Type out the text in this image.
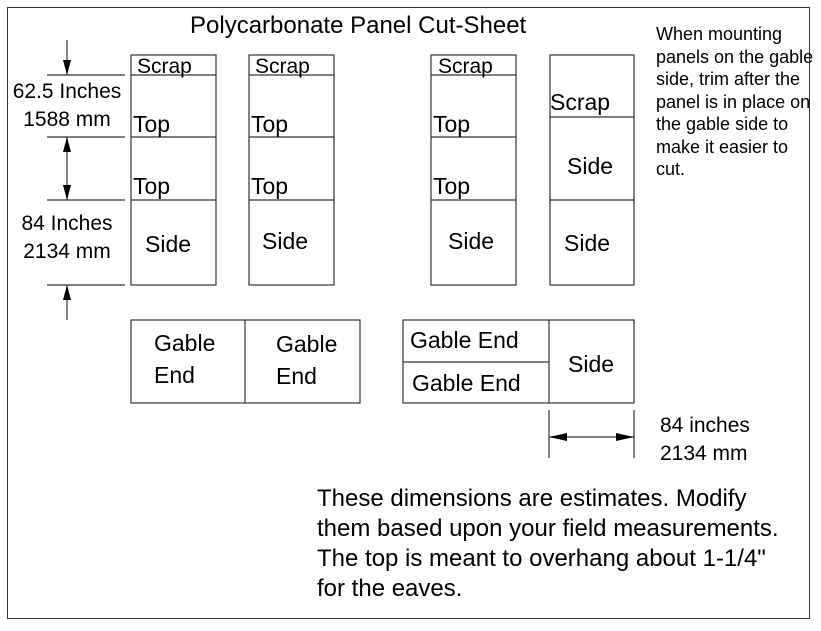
Polycarbonate Panel Cut-Sheet	When mounting panels on the gable side, trim after the panel is in place on the gable side to make it easier to cut.
62.5 Inches
1588 mm
84 Inches
2134 mm
Scrap
Top
Top
Side
Scrap
Top
Top
Side
Scrap
Top
Top
Side
Scrap
Side
Side
Gable
End
Gable
End
Gable End
Gable End
Side
84 inches
2134 mm
These dimensions are estimates. Modify them based upon your field measurements. The top is meant to overhang about 1-1/4" for the eaves.
